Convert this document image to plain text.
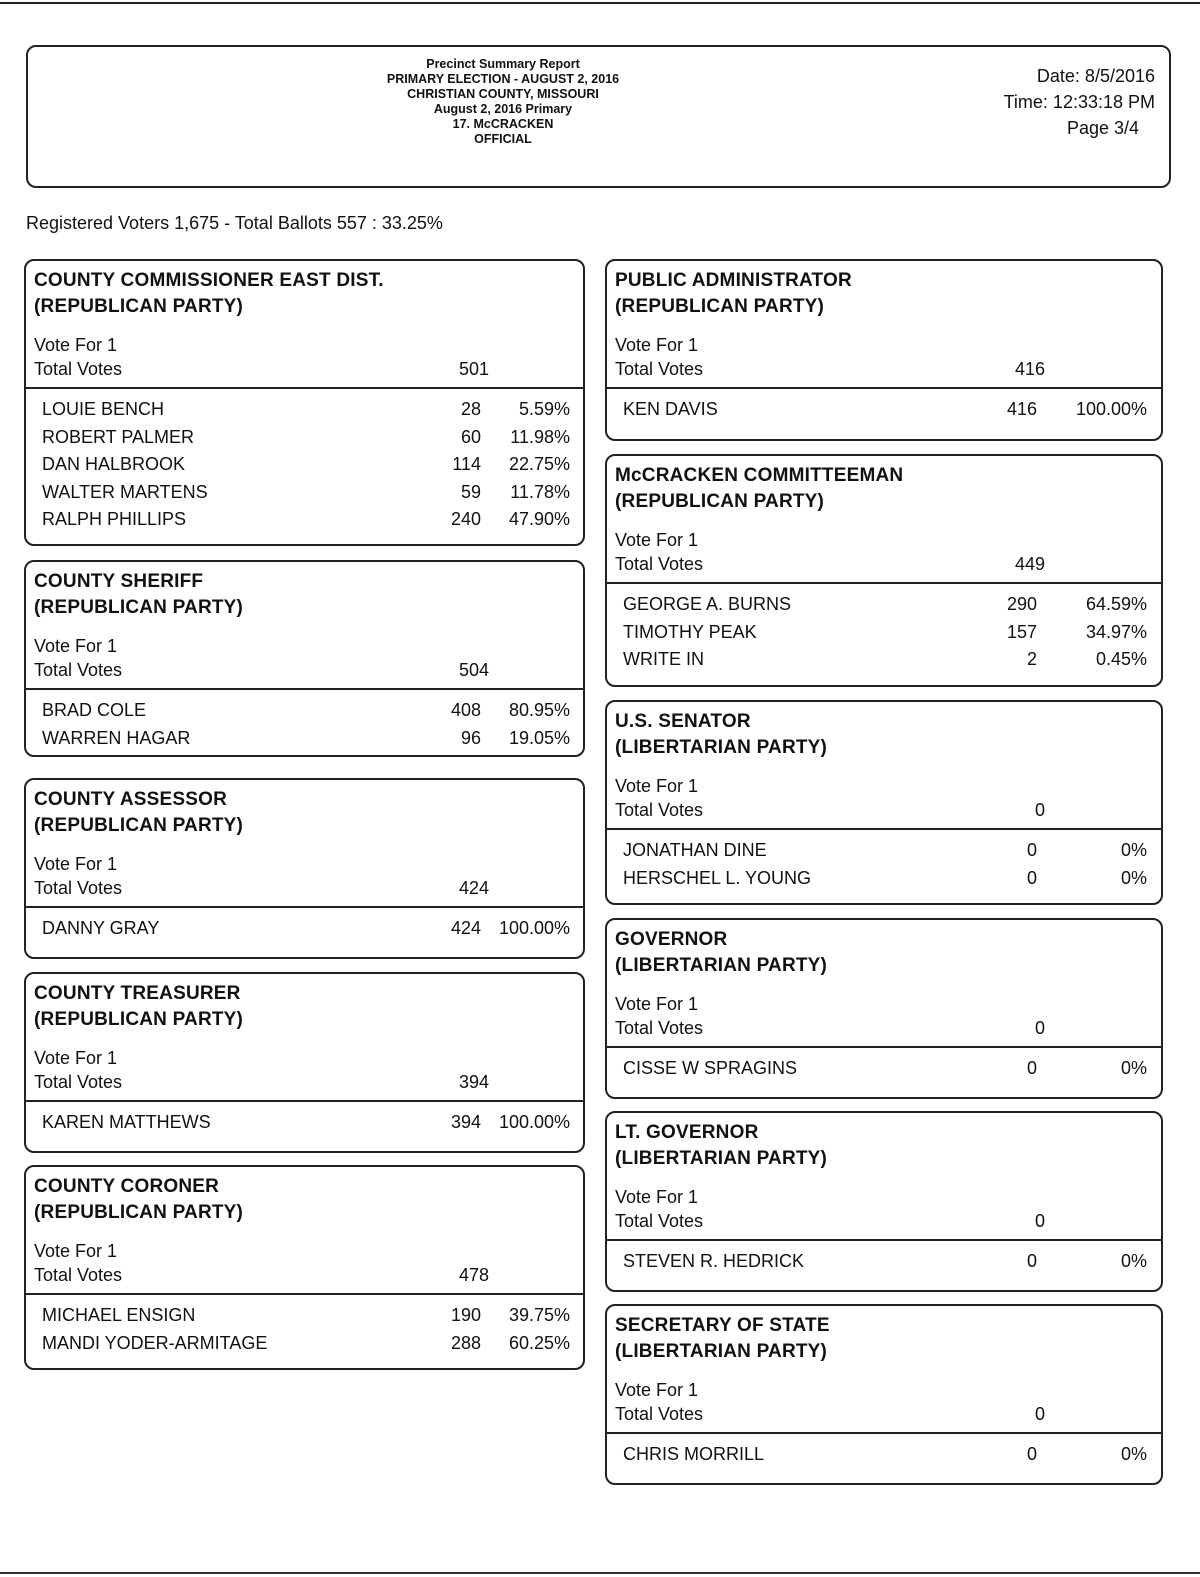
Precinct Summary Report
PRIMARY ELECTION - AUGUST 2, 2016
CHRISTIAN COUNTY, MISSOURI
August 2, 2016 Primary
17. McCRACKEN
OFFICIAL
Date: 8/5/2016
Time: 12:33:18 PM
Page 3/4
Registered Voters 1,675 - Total Ballots 557 : 33.25%
COUNTY COMMISSIONER EAST DIST.
(REPUBLICAN PARTY)
Vote For 1
Total Votes	501
LOUIE BENCH	28	5.59%
ROBERT PALMER	60	11.98%
DAN HALBROOK	114	22.75%
WALTER MARTENS	59	11.78%
RALPH PHILLIPS	240	47.90%
COUNTY SHERIFF
(REPUBLICAN PARTY)
Vote For 1
Total Votes	504
BRAD COLE	408	80.95%
WARREN HAGAR	96	19.05%
COUNTY ASSESSOR
(REPUBLICAN PARTY)
Vote For 1
Total Votes	424
DANNY GRAY	424 100.00%
COUNTY TREASURER
(REPUBLICAN PARTY)
Vote For 1
Total Votes	394
KAREN MATTHEWS	394 100.00%
COUNTY CORONER
(REPUBLICAN PARTY)
Vote For 1
Total Votes	478
MICHAEL ENSIGN	190	39.75%
MANDI YODER-ARMITAGE	288	60.25%
PUBLIC ADMINISTRATOR
(REPUBLICAN PARTY)
Vote For 1
Total Votes	416
KEN DAVIS	416	100.00%
McCRACKEN COMMITTEEMAN
(REPUBLICAN PARTY)
Vote For 1
Total Votes	449
GEORGE A. BURNS	290	64.59%
TIMOTHY PEAK	157	34.97%
WRITE IN	2	0.45%
U.S. SENATOR
(LIBERTARIAN PARTY)
Vote For 1
Total Votes	0
JONATHAN DINE	0	0%
HERSCHEL L. YOUNG	0	0%
GOVERNOR
(LIBERTARIAN PARTY)
Vote For 1
Total Votes	0
CISSE W SPRAGINS	0	0%
LT. GOVERNOR
(LIBERTARIAN PARTY)
Vote For 1
Total Votes	0
STEVEN R. HEDRICK	0	0%
SECRETARY OF STATE
(LIBERTARIAN PARTY)
Vote For 1
Total Votes	0
CHRIS MORRILL	0	0%
